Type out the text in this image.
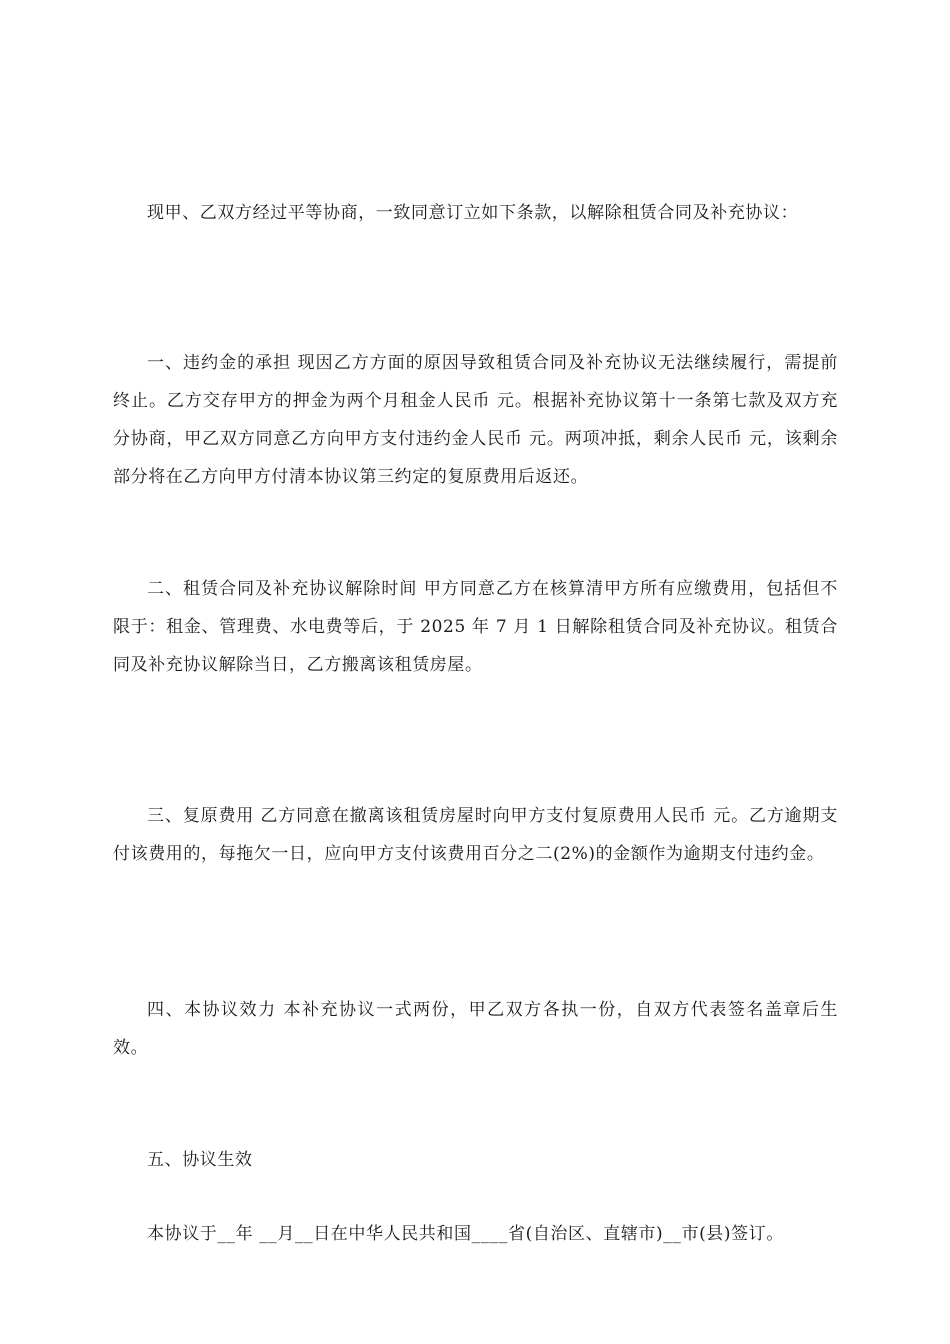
现甲、乙双方经过平等协商，一致同意订立如下条款，以解除租赁合同及补充协议：

一、违约金的承担 现因乙方方面的原因导致租赁合同及补充协议无法继续履行，需提前终止。乙方交存甲方的押金为两个月租金人民币 元。根据补充协议第十一条第七款及双方充分协商，甲乙双方同意乙方向甲方支付违约金人民币 元。两项冲抵，剩余人民币 元，该剩余部分将在乙方向甲方付清本协议第三约定的复原费用后返还。

二、租赁合同及补充协议解除时间 甲方同意乙方在核算清甲方所有应缴费用，包括但不限于：租金、管理费、水电费等后，于 2025 年 7 月 1 日解除租赁合同及补充协议。租赁合同及补充协议解除当日，乙方搬离该租赁房屋。

三、复原费用 乙方同意在撤离该租赁房屋时向甲方支付复原费用人民币 元。乙方逾期支付该费用的，每拖欠一日，应向甲方支付该费用百分之二(2%)的金额作为逾期支付违约金。

四、本协议效力 本补充协议一式两份，甲乙双方各执一份，自双方代表签名盖章后生效。

五、协议生效

本协议于__年 __月__日在中华人民共和国____省(自治区、直辖市)__市(县)签订。
